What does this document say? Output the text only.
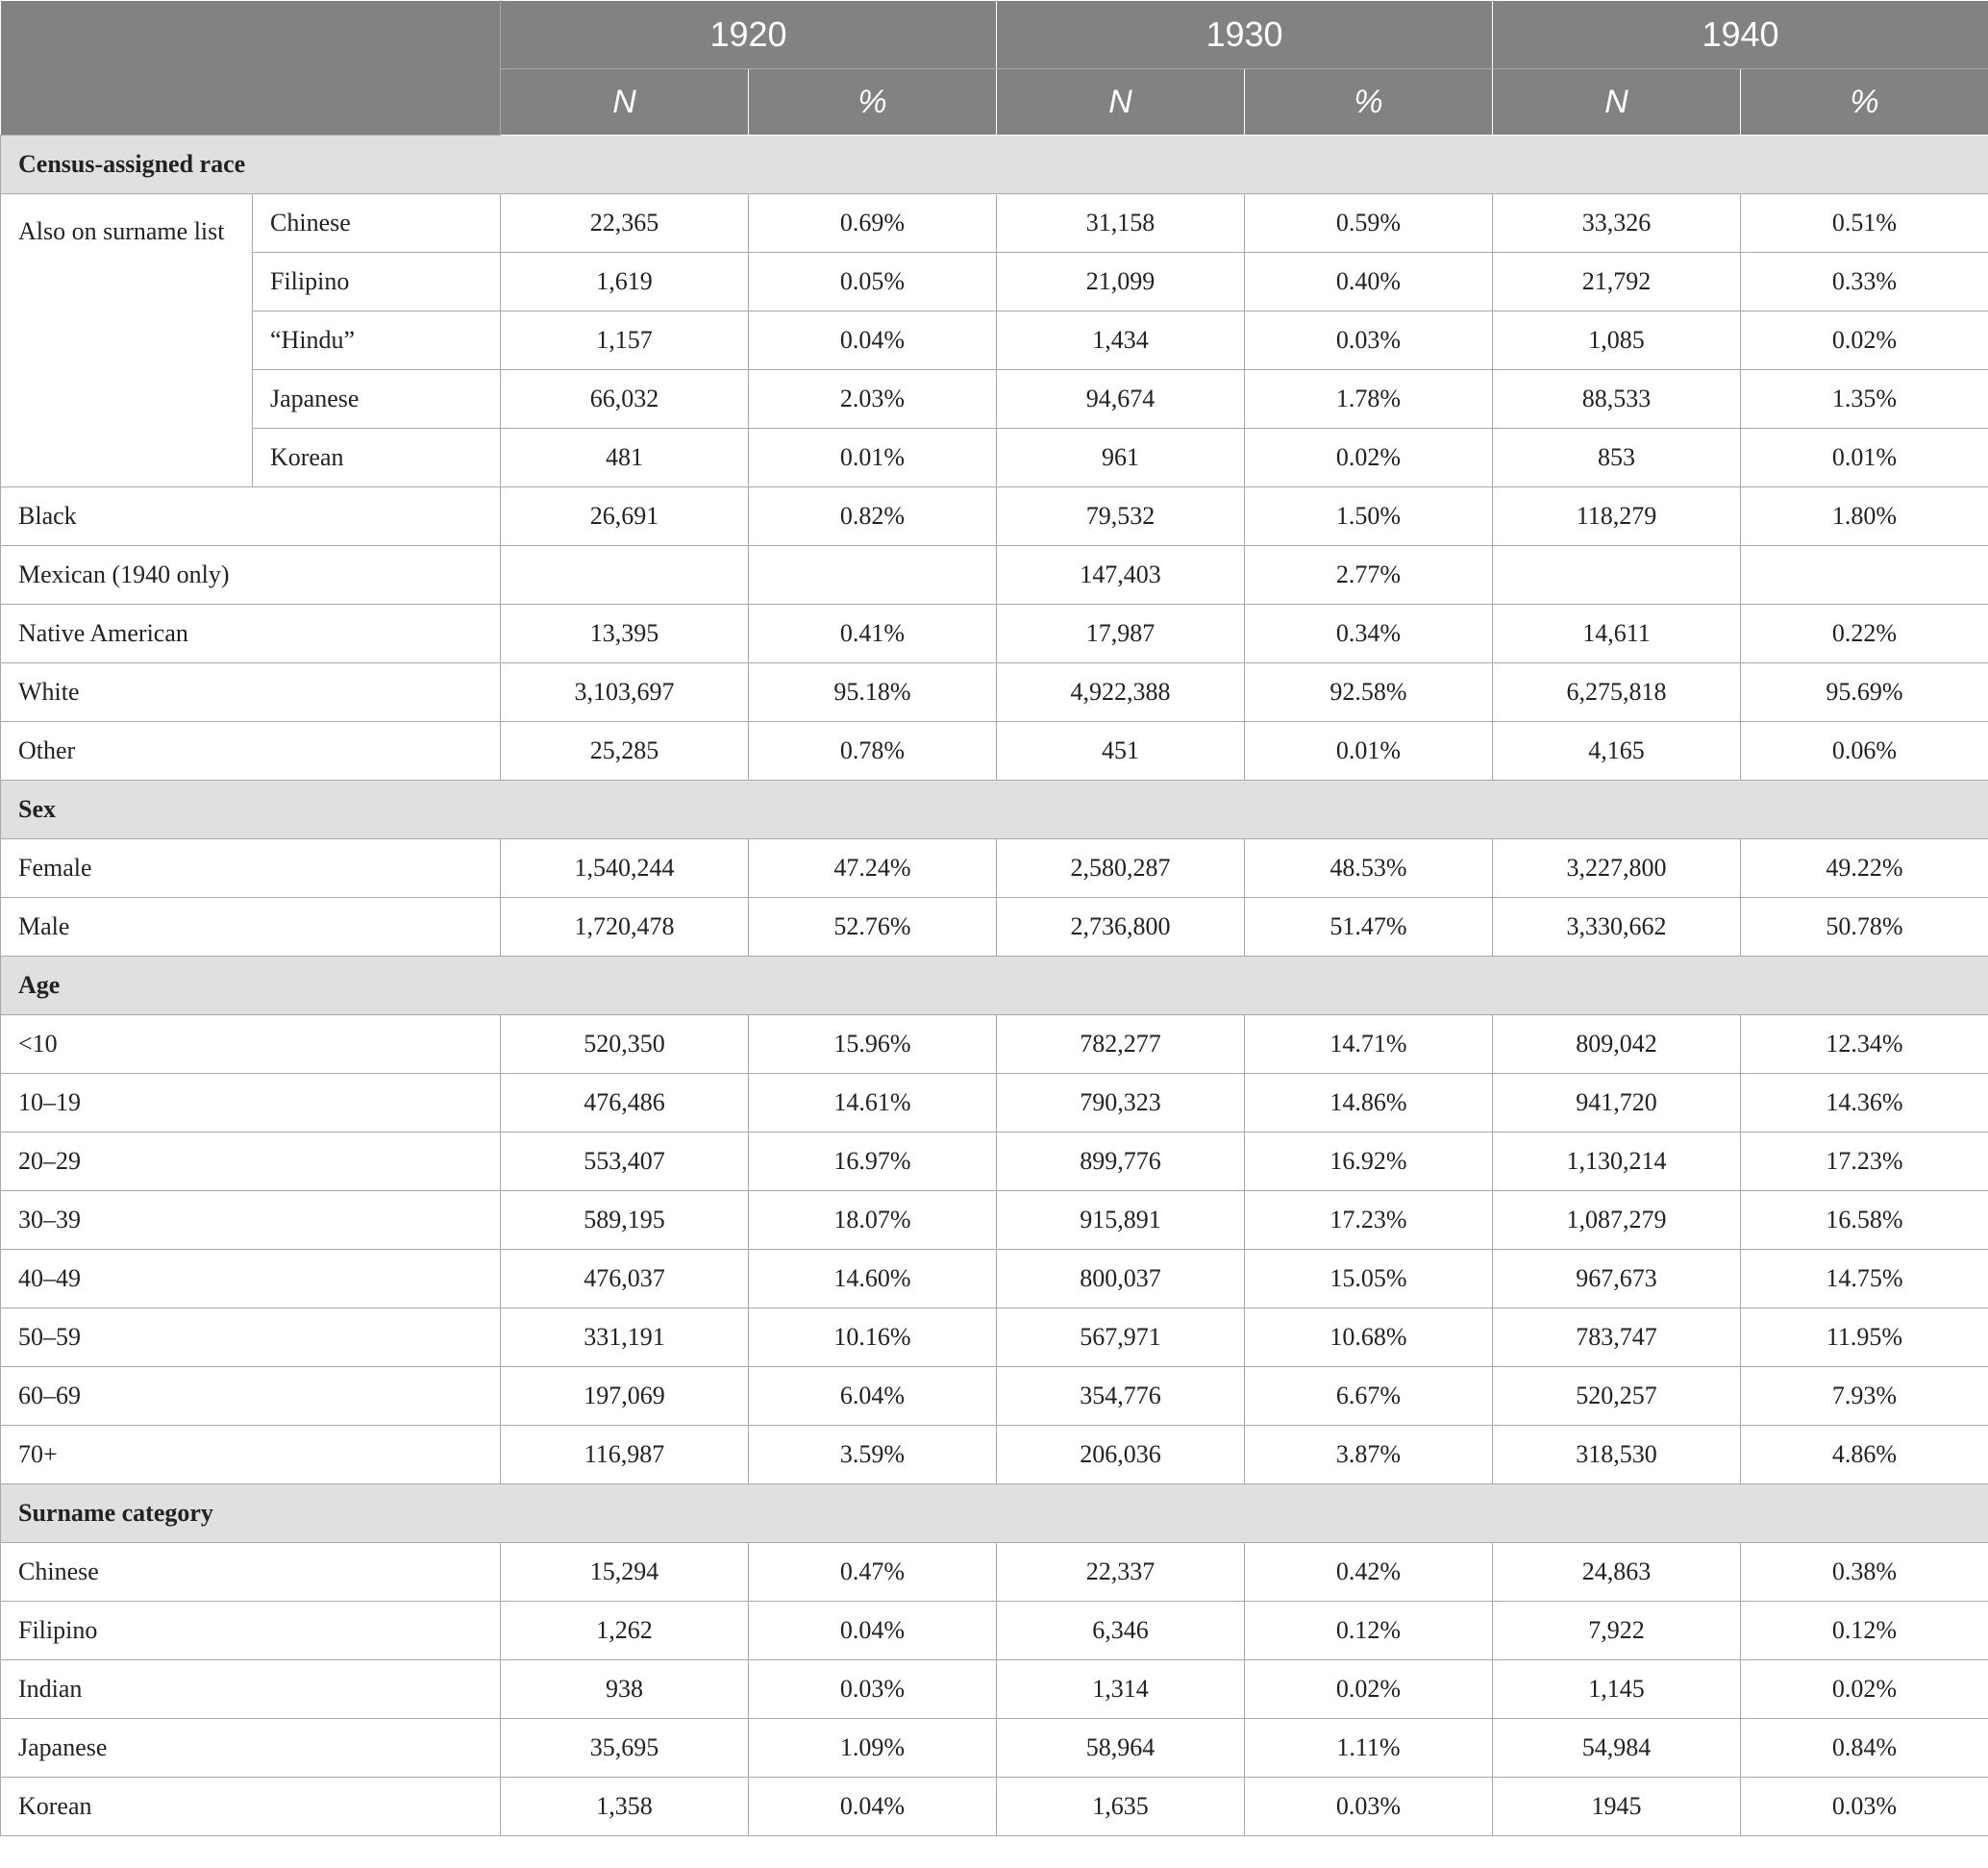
		1920		1930		1940	
		N	%	N	%	N	%
Census-assigned race							
Also on surname list	Chinese	22,365	0.69%	31,158	0.59%	33,326	0.51%
	Filipino	1,619	0.05%	21,099	0.40%	21,792	0.33%
	“Hindu”	1,157	0.04%	1,434	0.03%	1,085	0.02%
	Japanese	66,032	2.03%	94,674	1.78%	88,533	1.35%
	Korean	481	0.01%	961	0.02%	853	0.01%
Black		26,691	0.82%	79,532	1.50%	118,279	1.80%
Mexican (1940 only)				147,403	2.77%		
Native American		13,395	0.41%	17,987	0.34%	14,611	0.22%
White		3,103,697	95.18%	4,922,388	92.58%	6,275,818	95.69%
Other		25,285	0.78%	451	0.01%	4,165	0.06%
Sex							
Female		1,540,244	47.24%	2,580,287	48.53%	3,227,800	49.22%
Male		1,720,478	52.76%	2,736,800	51.47%	3,330,662	50.78%
Age							
<10		520,350	15.96%	782,277	14.71%	809,042	12.34%
10–19		476,486	14.61%	790,323	14.86%	941,720	14.36%
20–29		553,407	16.97%	899,776	16.92%	1,130,214	17.23%
30–39		589,195	18.07%	915,891	17.23%	1,087,279	16.58%
40–49		476,037	14.60%	800,037	15.05%	967,673	14.75%
50–59		331,191	10.16%	567,971	10.68%	783,747	11.95%
60–69		197,069	6.04%	354,776	6.67%	520,257	7.93%
70+		116,987	3.59%	206,036	3.87%	318,530	4.86%
Surname category							
Chinese		15,294	0.47%	22,337	0.42%	24,863	0.38%
Filipino		1,262	0.04%	6,346	0.12%	7,922	0.12%
Indian		938	0.03%	1,314	0.02%	1,145	0.02%
Japanese		35,695	1.09%	58,964	1.11%	54,984	0.84%
Korean		1,358	0.04%	1,635	0.03%	1945	0.03%
